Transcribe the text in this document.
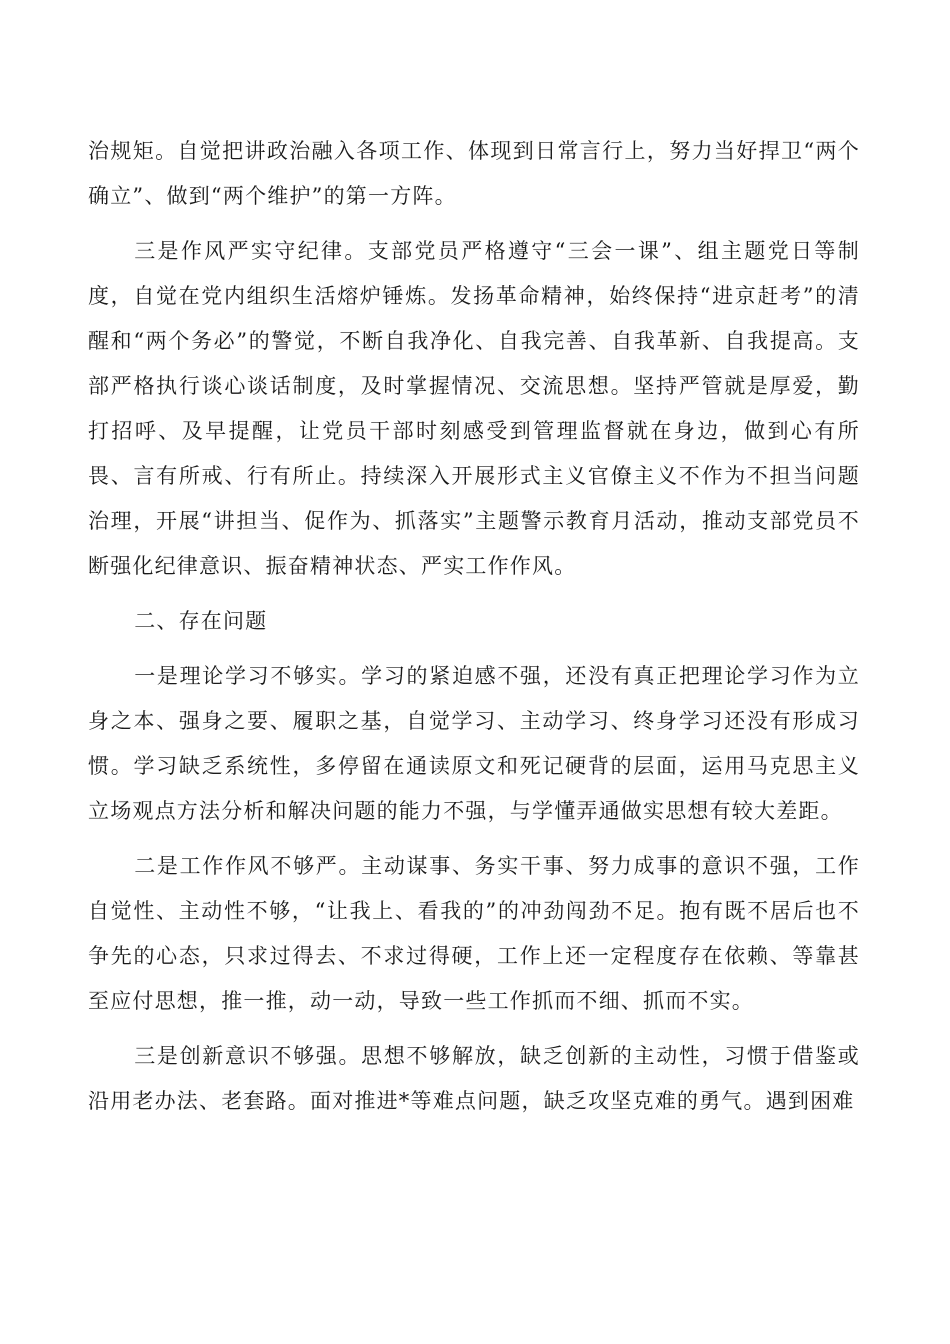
治规矩。自觉把讲政治融入各项工作、体现到日常言行上，努力当好捍卫“两个确立”、做到“两个维护”的第一方阵。

三是作风严实守纪律。支部党员严格遵守“三会一课”、组主题党日等制度，自觉在党内组织生活熔炉锤炼。发扬革命精神，始终保持“进京赶考”的清醒和“两个务必”的警觉，不断自我净化、自我完善、自我革新、自我提高。支部严格执行谈心谈话制度，及时掌握情况、交流思想。坚持严管就是厚爱，勤打招呼、及早提醒，让党员干部时刻感受到管理监督就在身边，做到心有所畏、言有所戒、行有所止。持续深入开展形式主义官僚主义不作为不担当问题治理，开展“讲担当、促作为、抓落实”主题警示教育月活动，推动支部党员不断强化纪律意识、振奋精神状态、严实工作作风。

二、存在问题

一是理论学习不够实。学习的紧迫感不强，还没有真正把理论学习作为立身之本、强身之要、履职之基，自觉学习、主动学习、终身学习还没有形成习惯。学习缺乏系统性，多停留在通读原文和死记硬背的层面，运用马克思主义立场观点方法分析和解决问题的能力不强，与学懂弄通做实思想有较大差距。

二是工作作风不够严。主动谋事、务实干事、努力成事的意识不强，工作自觉性、主动性不够，“让我上、看我的”的冲劲闯劲不足。抱有既不居后也不争先的心态，只求过得去、不求过得硬，工作上还一定程度存在依赖、等靠甚至应付思想，推一推，动一动，导致一些工作抓而不细、抓而不实。

三是创新意识不够强。思想不够解放，缺乏创新的主动性，习惯于借鉴或沿用老办法、老套路。面对推进*等难点问题，缺乏攻坚克难的勇气。遇到困难
